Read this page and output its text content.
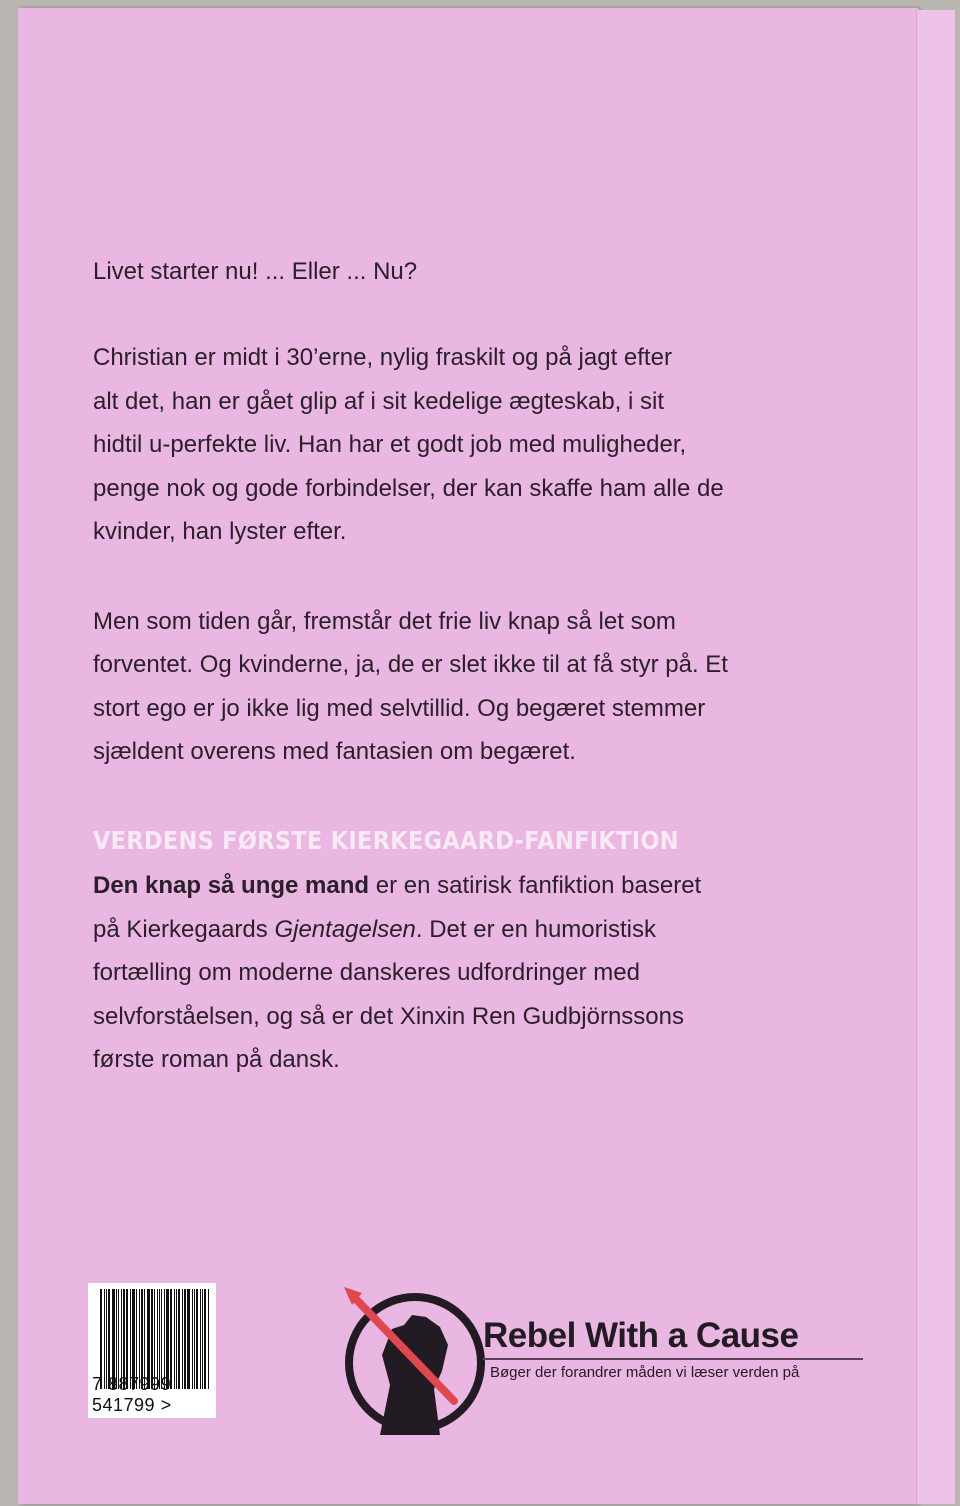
Livet starter nu! ... Eller ... Nu?
Christian er midt i 30’erne, nylig fraskilt og på jagt efter
alt det, han er gået glip af i sit kedelige ægteskab, i sit
hidtil u-perfekte liv. Han har et godt job med muligheder,
penge nok og gode forbindelser, der kan skaffe ham alle de
kvinder, han lyster efter.
Men som tiden går, fremstår det frie liv knap så let som
forventet. Og kvinderne, ja, de er slet ikke til at få styr på. Et
stort ego er jo ikke lig med selvtillid. Og begæret stemmer
sjældent overens med fantasien om begæret.
VERDENS FØRSTE KIERKEGAARD-FANFIKTION
Den knap så unge mand er en satirisk fanfiktion baseret
på Kierkegaards Gjentagelsen. Det er en humoristisk
fortælling om moderne danskeres udfordringer med
selvforståelsen, og så er det Xinxin Ren Gudbjörnssons
første roman på dansk.
7 887999 541799 >
Rebel With a Cause
Bøger der forandrer måden vi læser verden på
